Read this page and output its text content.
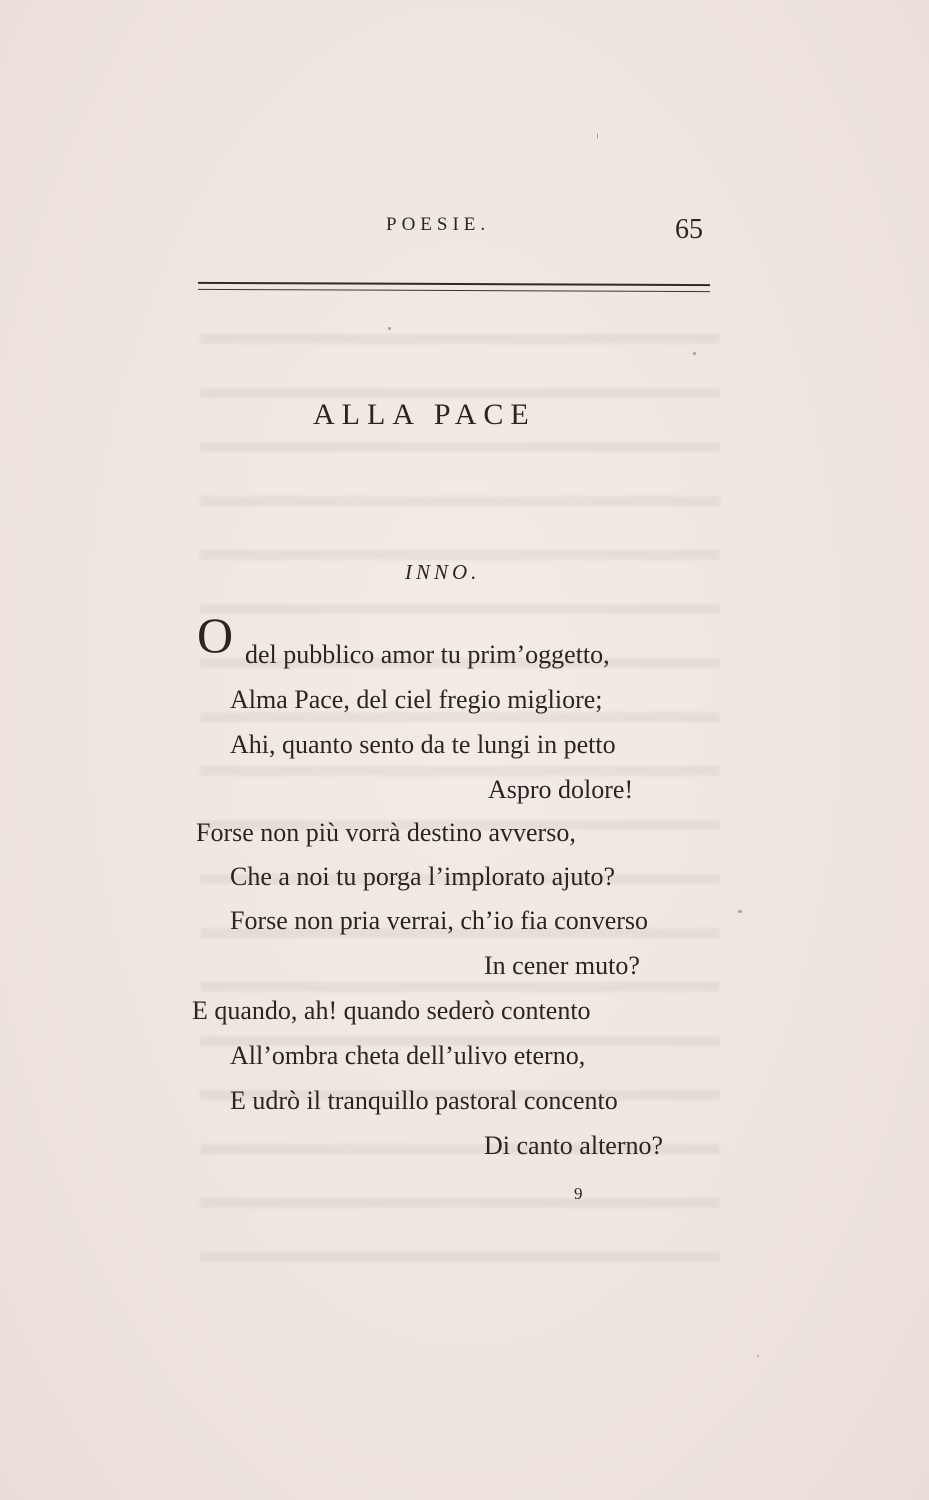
POESIE.	65
ALLA PACE
INNO.
O del pubblico amor tu prim’oggetto,
Alma Pace, del ciel fregio migliore;
Ahi, quanto sento da te lungi in petto
Aspro dolore!
Forse non più vorrà destino avverso,
Che a noi tu porga l’implorato ajuto?
Forse non pria verrai, ch’io fia converso
In cener muto?
E quando, ah! quando sederò contento
All’ombra cheta dell’ulivo eterno,
E udrò il tranquillo pastoral concento
Di canto alterno?
9
